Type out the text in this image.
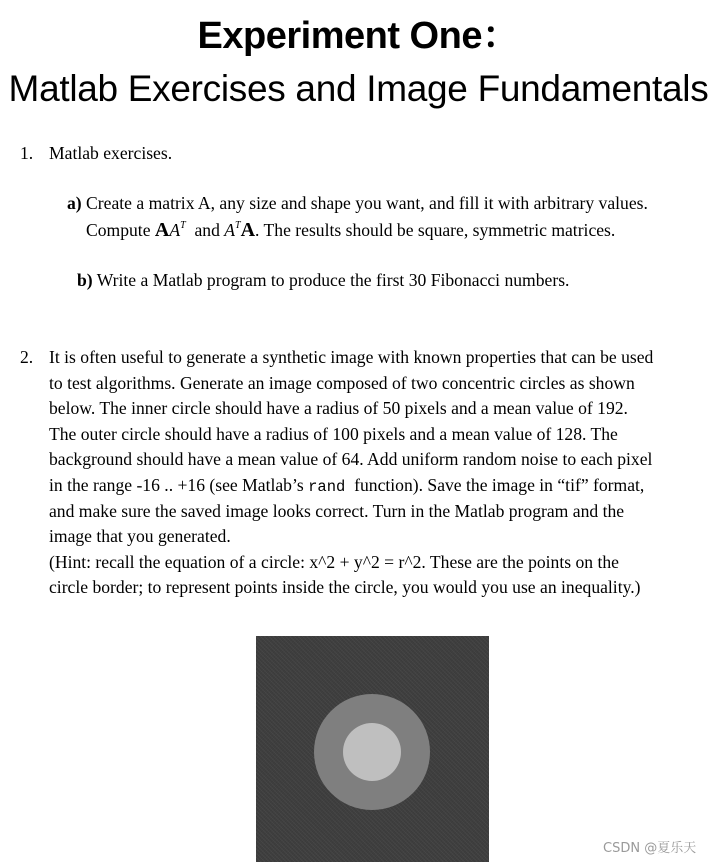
Experiment One：
Matlab Exercises and Image Fundamentals
1. Matlab exercises.
a) Create a matrix A, any size and shape you want, and fill it with arbitrary values.
Compute $AA^T$  and $A^TA$. The results should be square, symmetric matrices.
b) Write a Matlab program to produce the first 30 Fibonacci numbers.
2. It is often useful to generate a synthetic image with known properties that can be used
to test algorithms. Generate an image composed of two concentric circles as shown
below. The inner circle should have a radius of 50 pixels and a mean value of 192.
The outer circle should have a radius of 100 pixels and a mean value of 128. The
background should have a mean value of 64. Add uniform random noise to each pixel
in the range -16 .. +16 (see Matlab’s rand  function). Save the image in “tif” format,
and make sure the saved image looks correct. Turn in the Matlab program and the
image that you generated.
(Hint: recall the equation of a circle: x^2 + y^2 = r^2. These are the points on the
circle border; to represent points inside the circle, you would you use an inequality.)
CSDN @夏乐天
